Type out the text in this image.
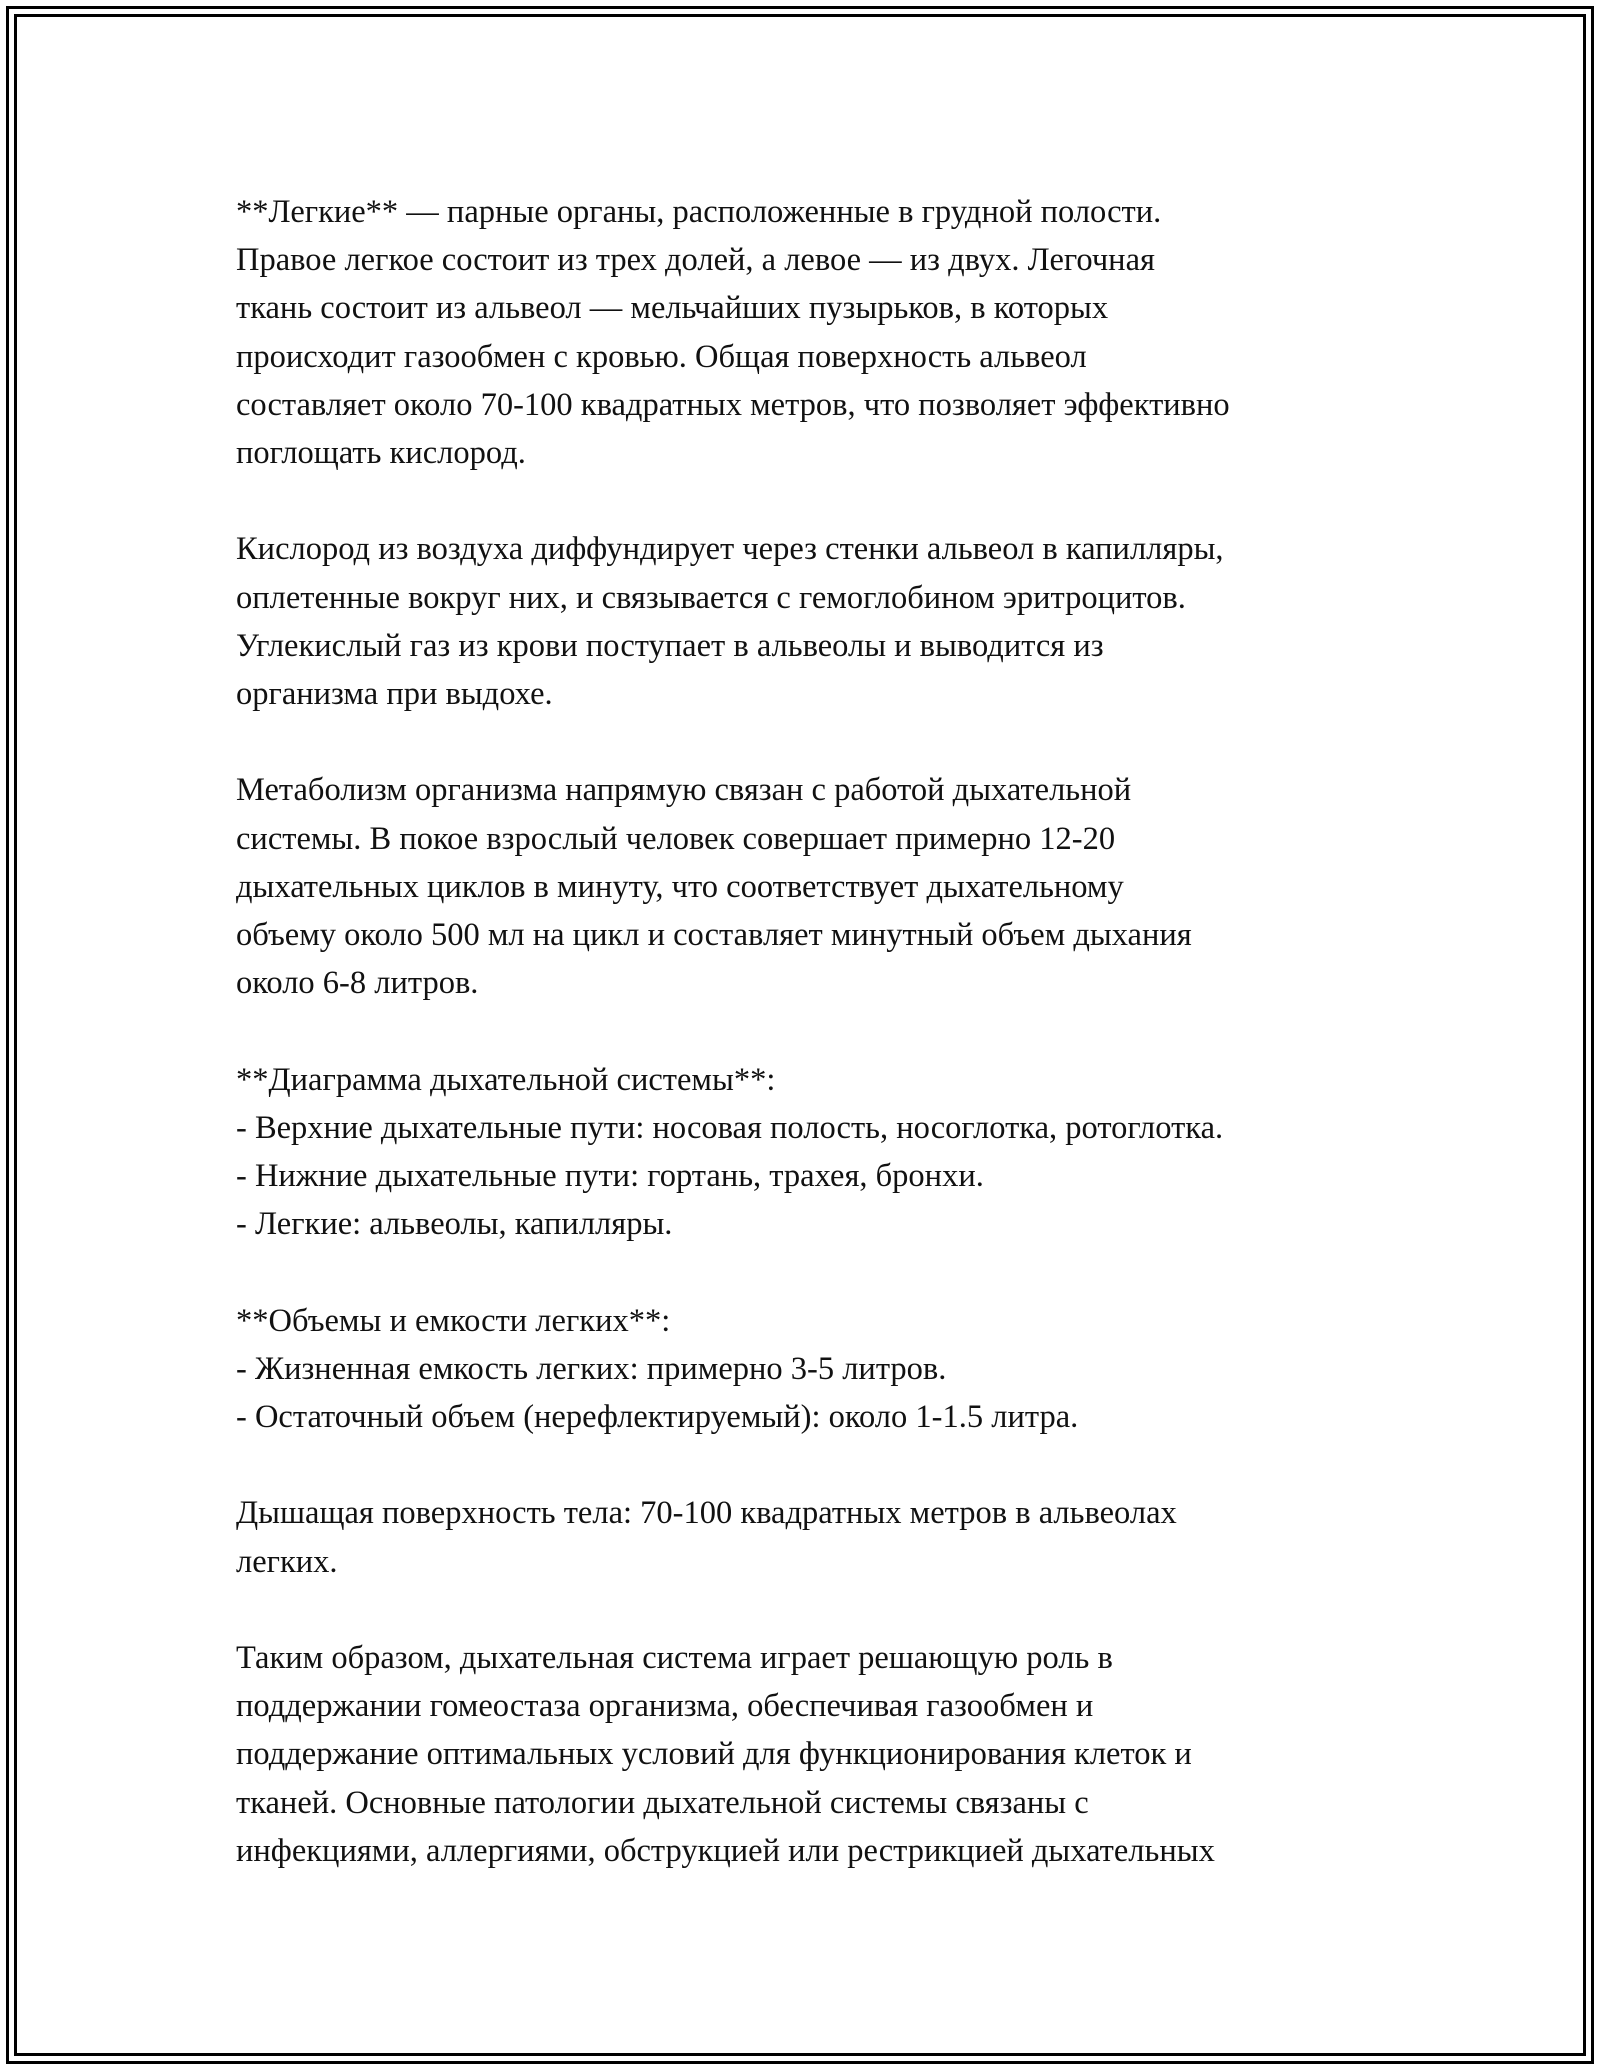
**Легкие** — парные органы, расположенные в грудной полости.
Правое легкое состоит из трех долей, а левое — из двух. Легочная
ткань состоит из альвеол — мельчайших пузырьков, в которых
происходит газообмен с кровью. Общая поверхность альвеол
составляет около 70-100 квадратных метров, что позволяет эффективно
поглощать кислород.

Кислород из воздуха диффундирует через стенки альвеол в капилляры,
оплетенные вокруг них, и связывается с гемоглобином эритроцитов.
Углекислый газ из крови поступает в альвеолы и выводится из
организма при выдохе.

Метаболизм организма напрямую связан с работой дыхательной
системы. В покое взрослый человек совершает примерно 12-20
дыхательных циклов в минуту, что соответствует дыхательному
объему около 500 мл на цикл и составляет минутный объем дыхания
около 6-8 литров.

**Диаграмма дыхательной системы**:
- Верхние дыхательные пути: носовая полость, носоглотка, ротоглотка.
- Нижние дыхательные пути: гортань, трахея, бронхи.
- Легкие: альвеолы, капилляры.

**Объемы и емкости легких**:
- Жизненная емкость легких: примерно 3-5 литров.
- Остаточный объем (нерефлектируемый): около 1-1.5 литра.

Дышащая поверхность тела: 70-100 квадратных метров в альвеолах
легких.

Таким образом, дыхательная система играет решающую роль в
поддержании гомеостаза организма, обеспечивая газообмен и
поддержание оптимальных условий для функционирования клеток и
тканей. Основные патологии дыхательной системы связаны с
инфекциями, аллергиями, обструкцией или рестрикцией дыхательных
